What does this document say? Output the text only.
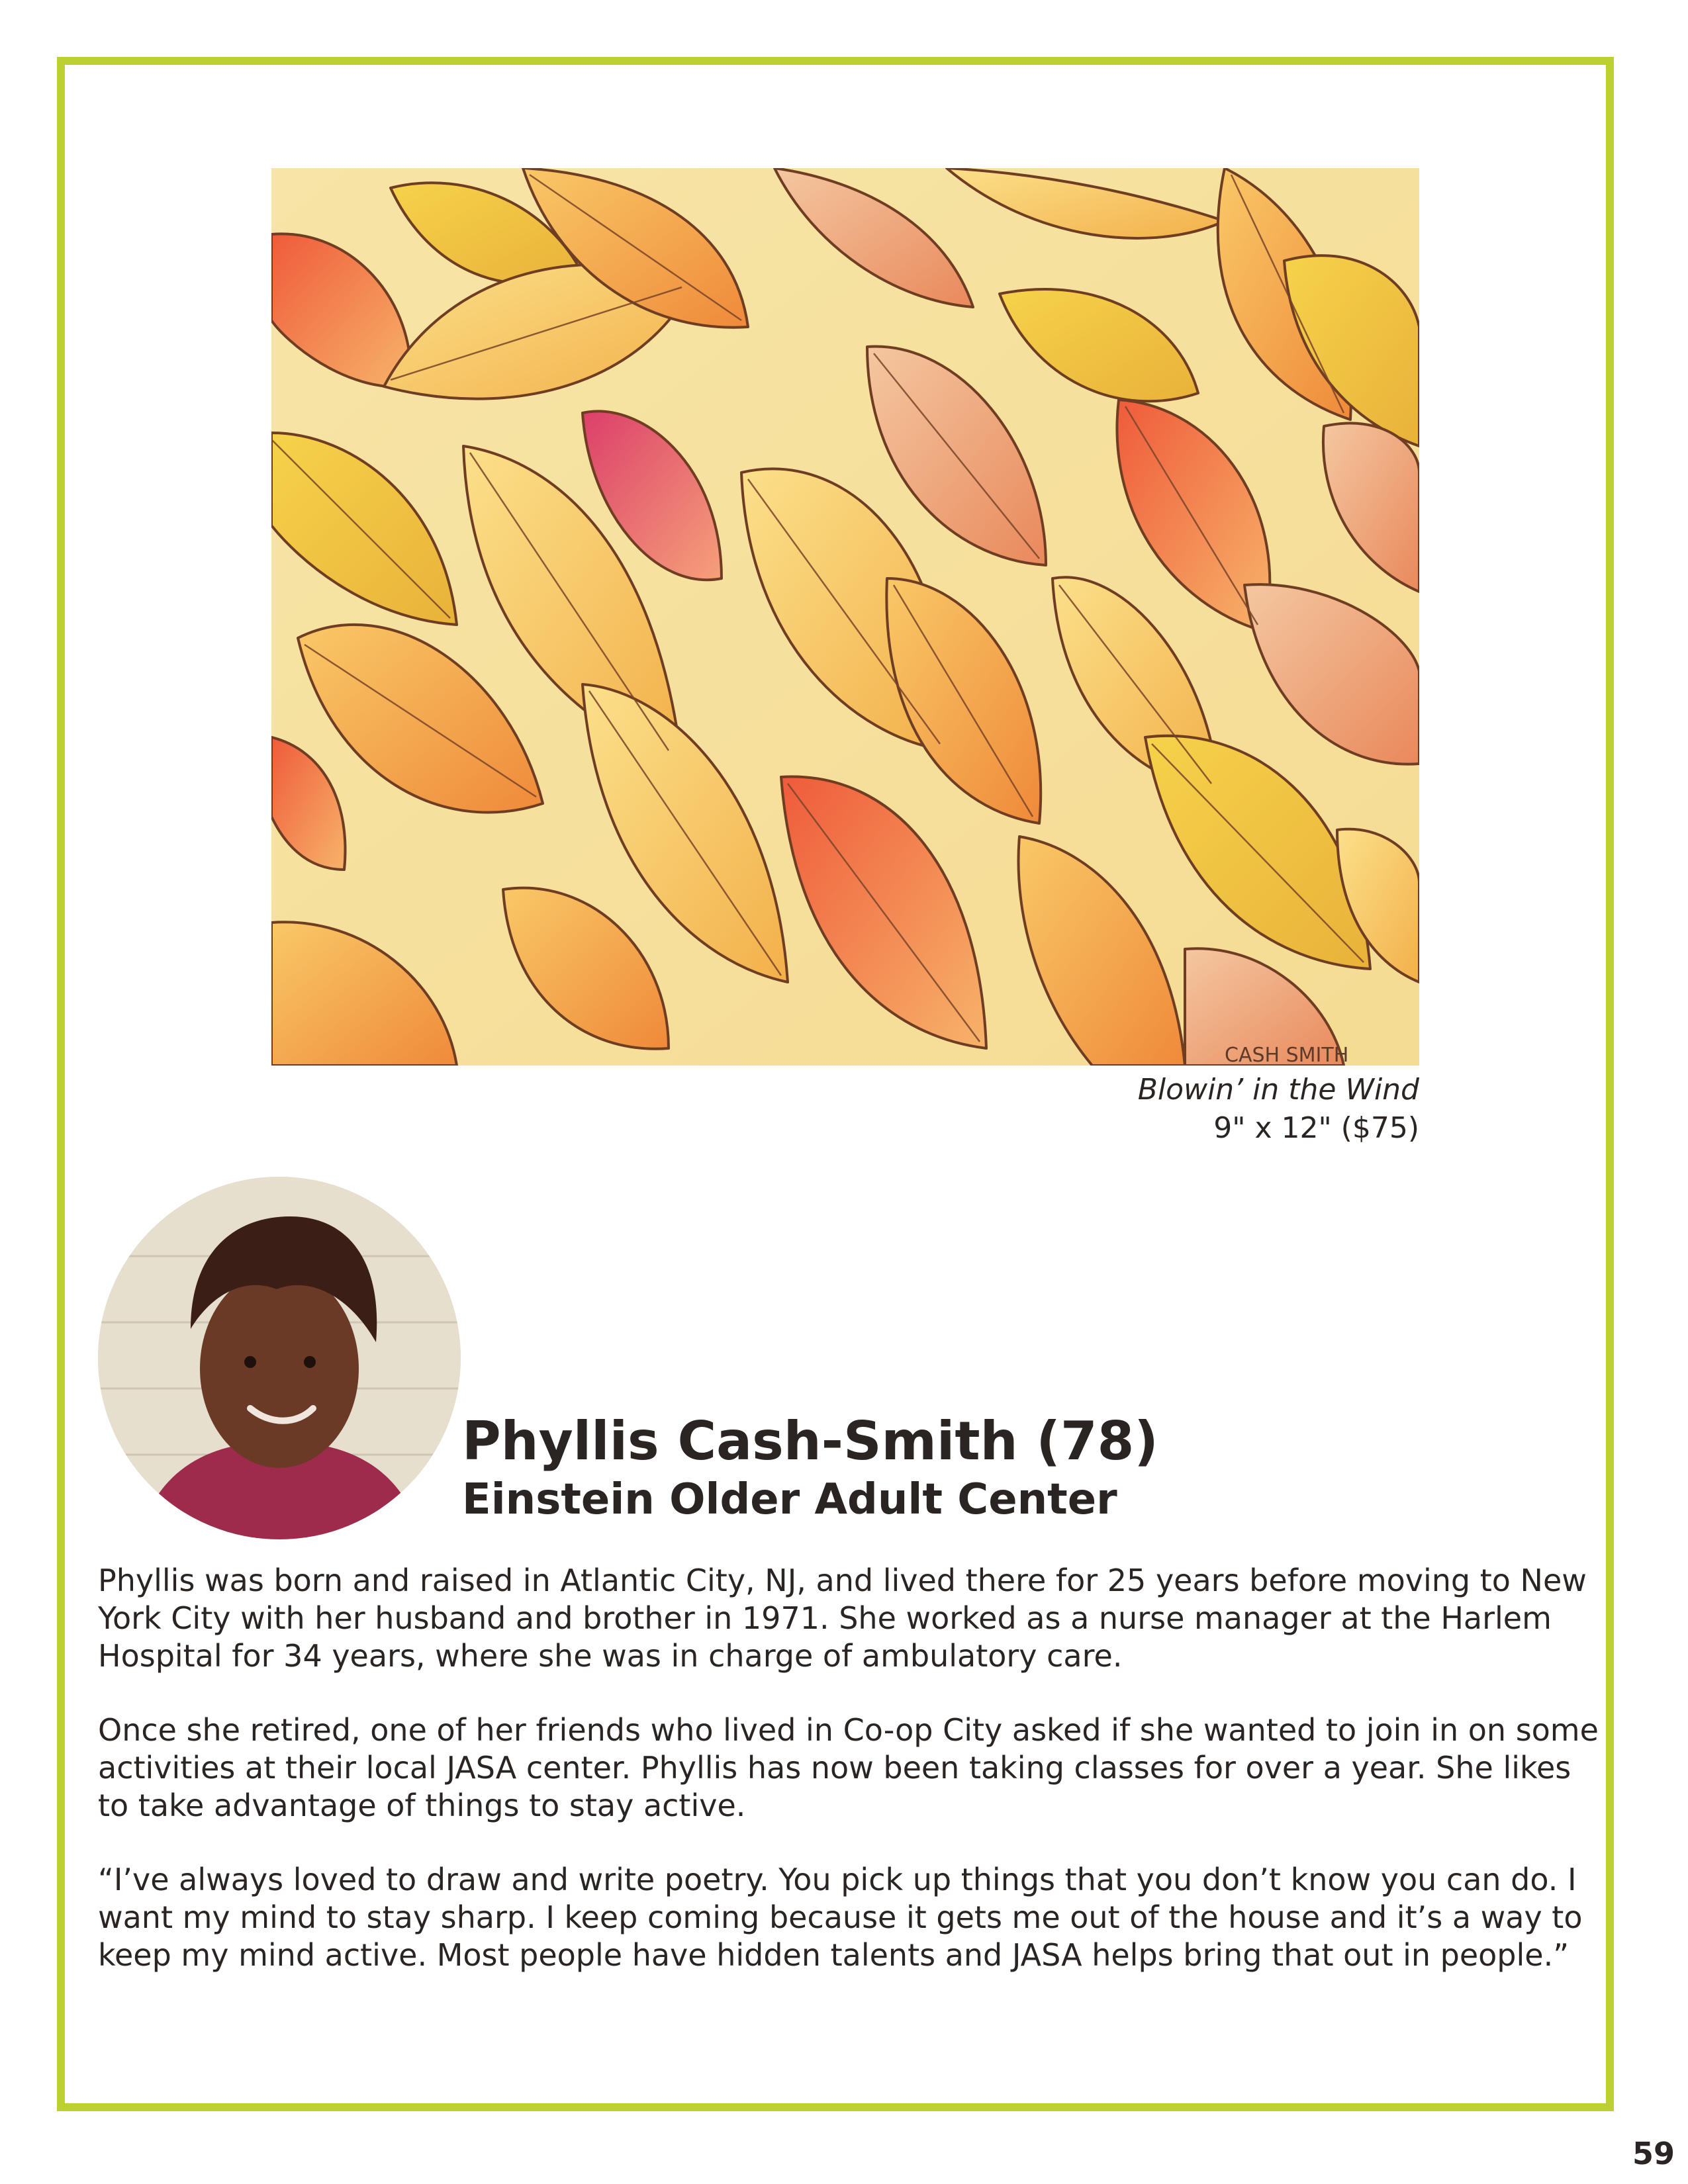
CASH SMITH
Blowin’ in the Wind
9" x 12" ($75)
Phyllis Cash-Smith (78)
Einstein Older Adult Center

Phyllis was born and raised in Atlantic City, NJ, and lived there for 25 years before moving to New York City with her husband and brother in 1971. She worked as a nurse manager at the Harlem Hospital for 34 years, where she was in charge of ambulatory care.

Once she retired, one of her friends who lived in Co-op City asked if she wanted to join in on some activities at their local JASA center. Phyllis has now been taking classes for over a year. She likes to take advantage of things to stay active.

“I’ve always loved to draw and write poetry. You pick up things that you don’t know you can do. I want my mind to stay sharp. I keep coming because it gets me out of the house and it’s a way to keep my mind active. Most people have hidden talents and JASA helps bring that out in people.”

59
